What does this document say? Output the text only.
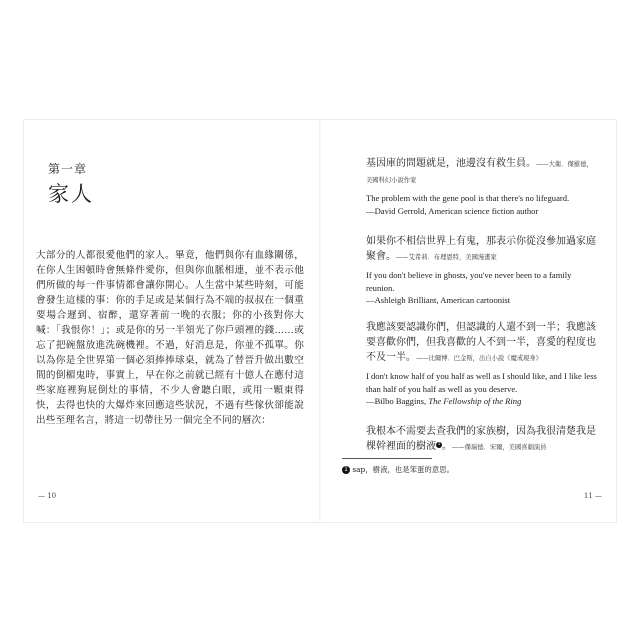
第一章
家人

大部分的人都很愛他們的家人。畢竟，他們與你有血緣關係，在你人生困頓時會無條件愛你，但與你血脈相連，並不表示他們所做的每一件事情都會讓你開心。人生當中某些時刻，可能會發生這樣的事：你的手足或是某個行為不端的叔叔在一個重要場合遲到、宿醉，還穿著前一晚的衣服；你的小孩對你大喊：「我恨你！」；或是你的另一半領光了你戶頭裡的錢……或忘了把碗盤放進洗碗機裡。不過，好消息是，你並不孤單。你以為你是全世界第一個必須捧捧球桌，就為了替晉升做出數空間的倒楣鬼時，事實上，早在你之前就已經有十億人在應付這些家庭裡狗屁倒灶的事情，不少人會聽白眼，或用一顆東得快，去得也快的大爆炸來回應這些狀況，不過有些傢伙卻能說出些至理名言，將這一切帶往另一個完全不同的層次：

— 10

基因庫的問題就是，池邊沒有救生員。——大衛．傑羅德，美國科幻小說作家

The problem with the gene pool is that there's no lifeguard.
—David Gerrold, American science fiction author

如果你不相信世界上有鬼，那表示你從沒參加過家庭聚會。——艾希莉．布理恩特，美國漫畫家

If you don't believe in ghosts, you've never been to a family reunion.
—Ashleigh Brilliant, American cartoonist

我應該要認識你們，但認識的人還不到一半；我應該要喜歡你們，但我喜歡的人不到一半，喜愛的程度也不及一半。——比爾博．巴金斯，出自小說《魔戒現身》

I don't know half of you half as well as I should like, and I like less than half of you half as well as you deserve.
—Bilbo Baggins, The Fellowship of the Ring

我根本不需要去查我們的家族樹，因為我很清楚我是棵幹裡面的樹液 1 。——傑瑞德．宋爾，美國喜劇演員

1 sap，樹液，也是笨蛋的意思。
11 —
